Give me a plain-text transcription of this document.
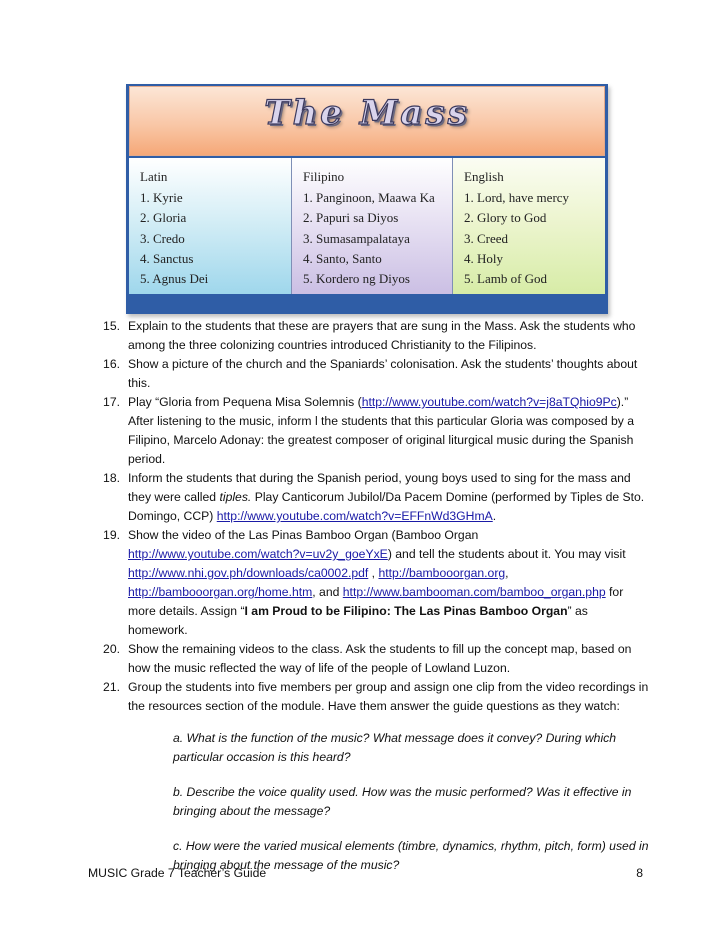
The Mass
Latin
1. Kyrie
2. Gloria
3. Credo
4. Sanctus
5. Agnus Dei
Filipino
1. Panginoon, Maawa Ka
2. Papuri sa Diyos
3. Sumasampalataya
4. Santo, Santo
5. Kordero ng Diyos
English
1. Lord, have mercy
2. Glory to God
3. Creed
4. Holy
5. Lamb of God
15. Explain to the students that these are prayers that are sung in the Mass. Ask the students who among the three colonizing countries introduced Christianity to the Filipinos.
16. Show a picture of the church and the Spaniards’ colonisation. Ask the students’ thoughts about this.
17. Play “Gloria from Pequena Misa Solemnis (http://www.youtube.com/watch?v=j8aTQhio9Pc).” After listening to the music, inform l the students that this particular Gloria was composed by a Filipino, Marcelo Adonay: the greatest composer of original liturgical music during the Spanish period.
18. Inform the students that during the Spanish period, young boys used to sing for the mass and they were called tiples. Play Canticorum Jubilol/Da Pacem Domine (performed by Tiples de Sto. Domingo, CCP) http://www.youtube.com/watch?v=EFFnWd3GHmA.
19. Show the video of the Las Pinas Bamboo Organ (Bamboo Organ http://www.youtube.com/watch?v=uv2y_goeYxE) and tell the students about it. You may visit http://www.nhi.gov.ph/downloads/ca0002.pdf , http://bambooorgan.org, http://bambooorgan.org/home.htm, and http://www.bambooman.com/bamboo_organ.php for more details. Assign “I am Proud to be Filipino: The Las Pinas Bamboo Organ” as homework.
20. Show the remaining videos to the class. Ask the students to fill up the concept map, based on how the music reflected the way of life of the people of Lowland Luzon.
21. Group the students into five members per group and assign one clip from the video recordings in the resources section of the module. Have them answer the guide questions as they watch:
a. What is the function of the music? What message does it convey? During which particular occasion is this heard?
b. Describe the voice quality used. How was the music performed? Was it effective in bringing about the message?
c. How were the varied musical elements (timbre, dynamics, rhythm, pitch, form) used in bringing about the message of the music?
MUSIC Grade 7 Teacher’s Guide	8
